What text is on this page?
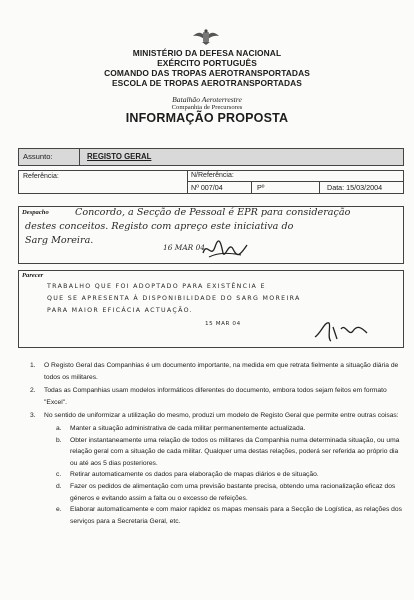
MINISTÉRIO DA DEFESA NACIONAL
EXÉRCITO PORTUGUÊS
COMANDO DAS TROPAS AEROTRANSPORTADAS
ESCOLA DE TROPAS AEROTRANSPORTADAS
Batalhão Aeroterrestre
Companhia de Precursores
INFORMAÇÃO PROPOSTA
Assunto:	REGISTO GERAL
Referência:	N/Referência:
Nº 007/04	Pº	Data: 15/03/2004
Despacho	Concordo, a Secção de Pessoal é EPR para consideração
destes conceitos. Registo com apreço este iniciativa do
Sarg Moreira.
16 MAR 04
Parecer
TRABALHO QUE FOI ADOPTADO PARA EXISTÊNCIA E
QUE SE APRESENTA À DISPONIBILIDADE DO SARG MOREIRA
PARA MAIOR EFICÁCIA ACTUAÇÃO.
15 MAR 04
1. O Registo Geral das Companhias é um documento importante, na medida em que retrata fielmente a situação diária de todos os militares.
2. Todas as Companhias usam modelos informáticos diferentes do documento, embora todos sejam feitos em formato "Excel".
3. No sentido de uniformizar a utilização do mesmo, produzi um modelo de Registo Geral que permite entre outras coisas:
a. Manter a situação administrativa de cada militar permanentemente actualizada.
b. Obter instantaneamente uma relação de todos os militares da Companhia numa determinada situação, ou uma relação geral com a situação de cada militar. Qualquer uma destas relações, poderá ser referida ao próprio dia ou até aos 5 dias posteriores.
c. Retirar automaticamente os dados para elaboração de mapas diários e de situação.
d. Fazer os pedidos de alimentação com uma previsão bastante precisa, obtendo uma racionalização eficaz dos géneros e evitando assim a falta ou o excesso de refeições.
e. Elaborar automaticamente e com maior rapidez os mapas mensais para a Secção de Logística, as relações dos serviços para a Secretaria Geral, etc.
